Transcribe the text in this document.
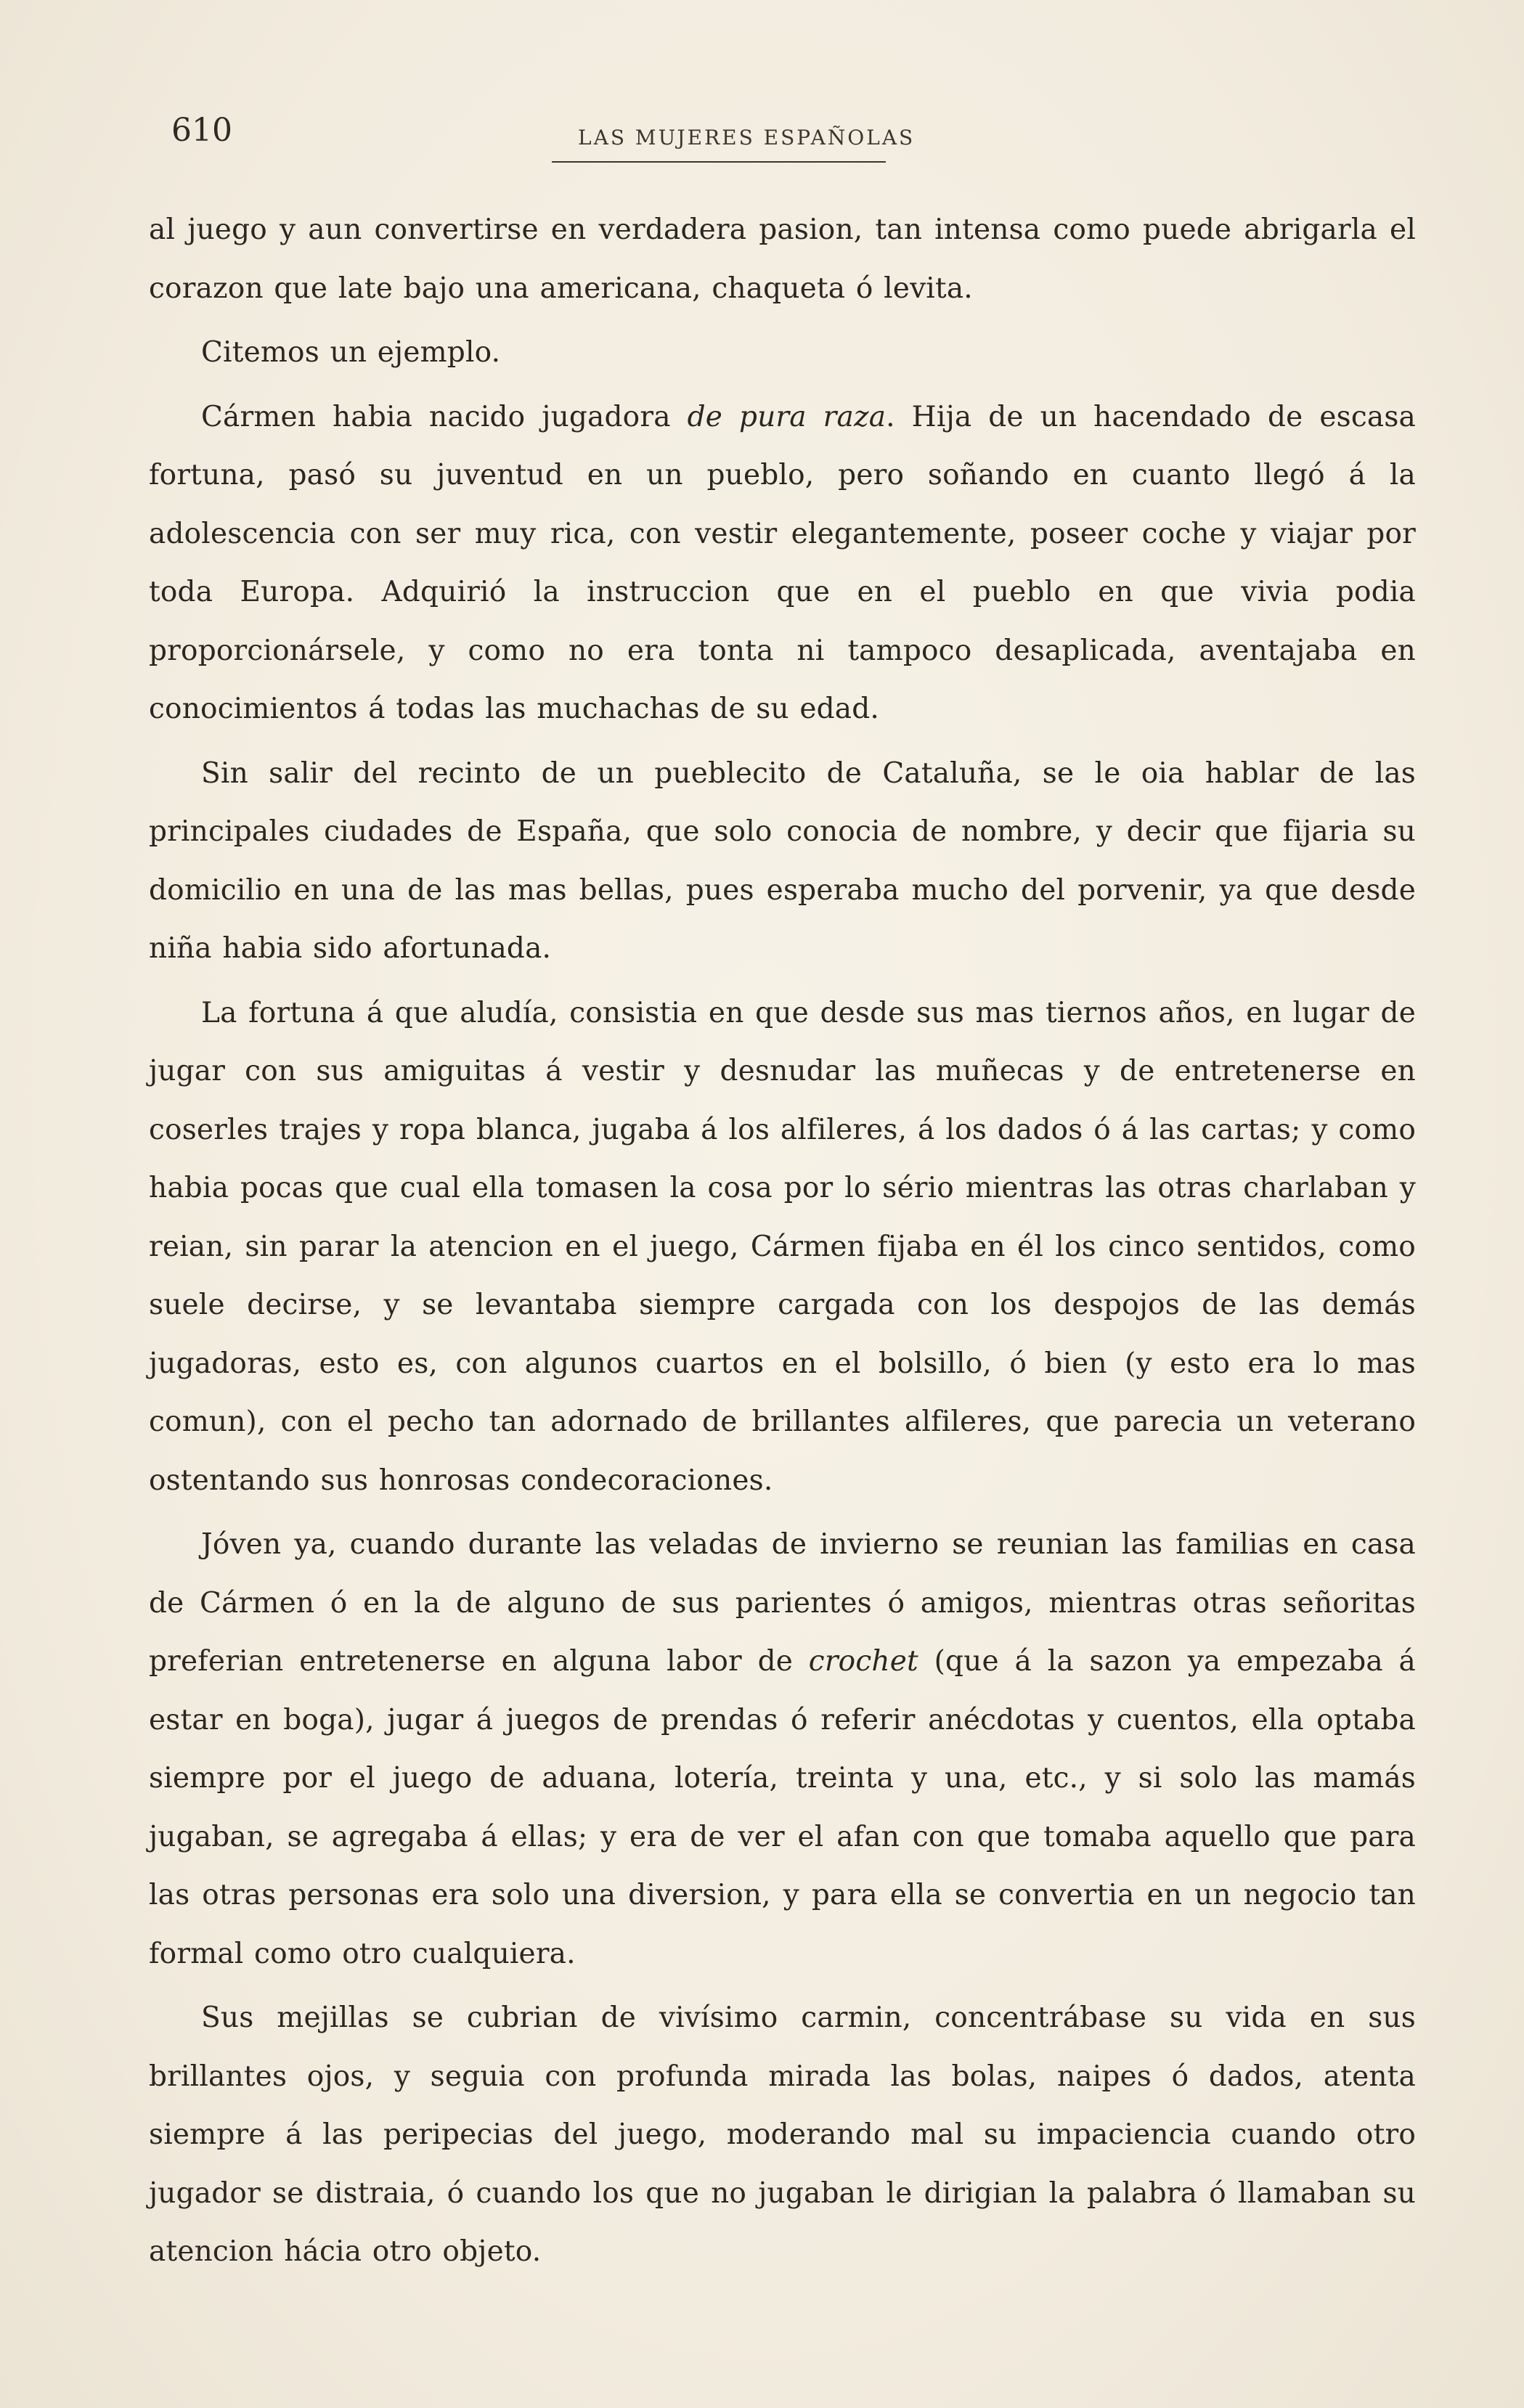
610	LAS MUJERES ESPAÑOLAS

al juego y aun convertirse en verdadera pasion, tan intensa como puede abrigarla el corazon que late bajo una americana, chaqueta ó levita.

Citemos un ejemplo.

Cármen habia nacido jugadora de pura raza. Hija de un hacendado de escasa fortuna, pasó su juventud en un pueblo, pero soñando en cuanto llegó á la adolescencia con ser muy rica, con vestir elegantemente, poseer coche y viajar por toda Europa. Adquirió la instruccion que en el pueblo en que vivia podia proporcionársele, y como no era tonta ni tampoco desaplicada, aventajaba en conocimientos á todas las muchachas de su edad.

Sin salir del recinto de un pueblecito de Cataluña, se le oia hablar de las principales ciudades de España, que solo conocia de nombre, y decir que fijaria su domicilio en una de las mas bellas, pues esperaba mucho del porvenir, ya que desde niña habia sido afortunada.

La fortuna á que aludía, consistia en que desde sus mas tiernos años, en lugar de jugar con sus amiguitas á vestir y desnudar las muñecas y de entretenerse en coserles trajes y ropa blanca, jugaba á los alfileres, á los dados ó á las cartas; y como habia pocas que cual ella tomasen la cosa por lo sério mientras las otras charlaban y reian, sin parar la atencion en el juego, Cármen fijaba en él los cinco sentidos, como suele decirse, y se levantaba siempre cargada con los despojos de las demás jugadoras, esto es, con algunos cuartos en el bolsillo, ó bien (y esto era lo mas comun), con el pecho tan adornado de brillantes alfileres, que parecia un veterano ostentando sus honrosas condecoraciones.

Jóven ya, cuando durante las veladas de invierno se reunian las familias en casa de Cármen ó en la de alguno de sus parientes ó amigos, mientras otras señoritas preferian entretenerse en alguna labor de crochet (que á la sazon ya empezaba á estar en boga), jugar á juegos de prendas ó referir anécdotas y cuentos, ella optaba siempre por el juego de aduana, lotería, treinta y una, etc., y si solo las mamás jugaban, se agregaba á ellas; y era de ver el afan con que tomaba aquello que para las otras personas era solo una diversion, y para ella se convertia en un negocio tan formal como otro cualquiera.

Sus mejillas se cubrian de vivísimo carmin, concentrábase su vida en sus brillantes ojos, y seguia con profunda mirada las bolas, naipes ó dados, atenta siempre á las peripecias del juego, moderando mal su impaciencia cuando otro jugador se distraia, ó cuando los que no jugaban le dirigian la palabra ó llamaban su atencion hácia otro objeto.
